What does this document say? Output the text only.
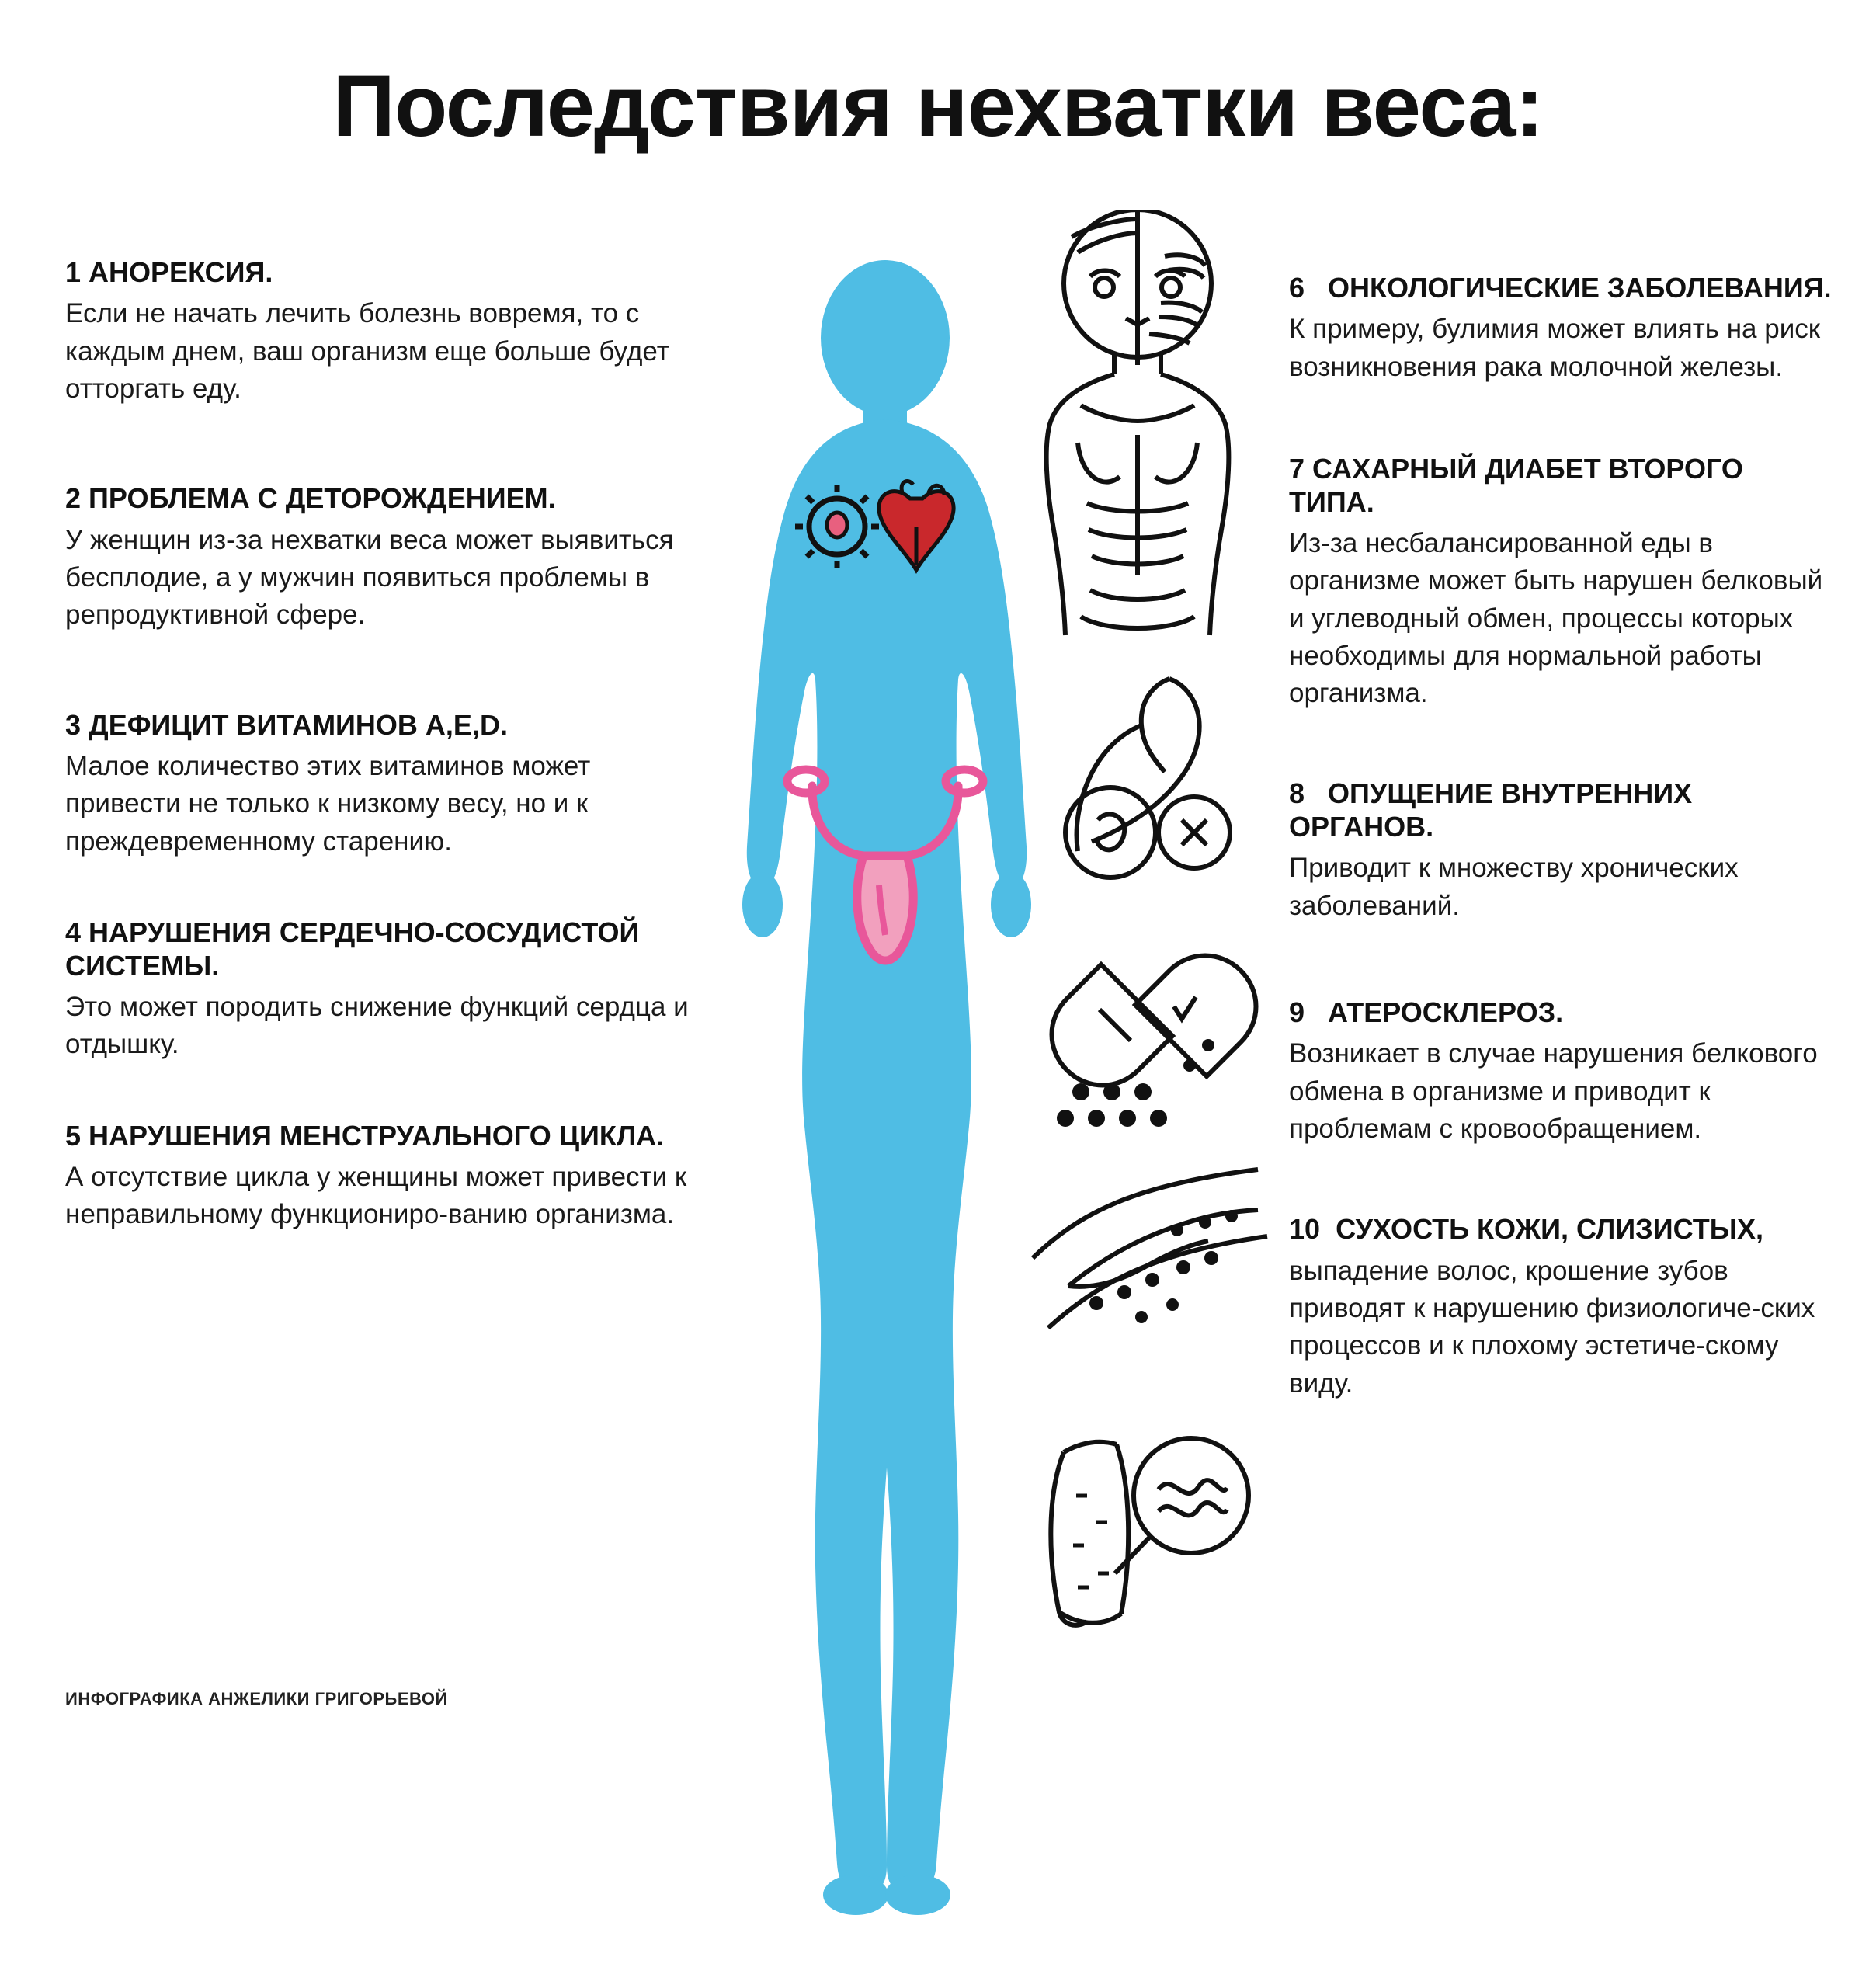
Последствия нехватки веса:
1 АНОРЕКСИЯ.
Если не начать лечить болезнь вовремя, то с каждым днем, ваш организм еще больше будет отторгать еду.
2 ПРОБЛЕМА С ДЕТОРОЖДЕНИЕМ.
У женщин из-за нехватки веса может выявиться бесплодие, а у мужчин появиться проблемы в репродуктивной сфере.
3 ДЕФИЦИТ ВИТАМИНОВ A,E,D.
Малое количество этих витаминов может привести не только к низкому весу, но и к преждевременному старению.
4 НАРУШЕНИЯ СЕРДЕЧНО-СОСУДИСТОЙ СИСТЕМЫ.
Это может породить снижение функций сердца и отдышку.
5 НАРУШЕНИЯ МЕНСТРУАЛЬНОГО ЦИКЛА.
А отсутствие цикла у женщины может привести к неправильному функциониро-ванию организма.
6 ОНКОЛОГИЧЕСКИЕ ЗАБОЛЕВАНИЯ.
К примеру, булимия может влиять на риск возникновения рака молочной железы.
7 САХАРНЫЙ ДИАБЕТ ВТОРОГО ТИПА.
Из-за несбалансированной еды в организме может быть нарушен белковый и углеводный обмен, процессы которых необходимы для нормальной работы организма.
8 ОПУЩЕНИЕ ВНУТРЕННИХ ОРГАНОВ.
Приводит к множеству хронических заболеваний.
9 АТЕРОСКЛЕРОЗ.
Возникает в случае нарушения белкового обмена в организме и приводит к проблемам с кровообращением.
10 СУХОСТЬ КОЖИ, СЛИЗИСТЫХ,
выпадение волос, крошение зубов приводят к нарушению физиологиче-ских процессов и к плохому эстетиче-скому виду.
ИНФОГРАФИКА АНЖЕЛИКИ ГРИГОРЬЕВОЙ
